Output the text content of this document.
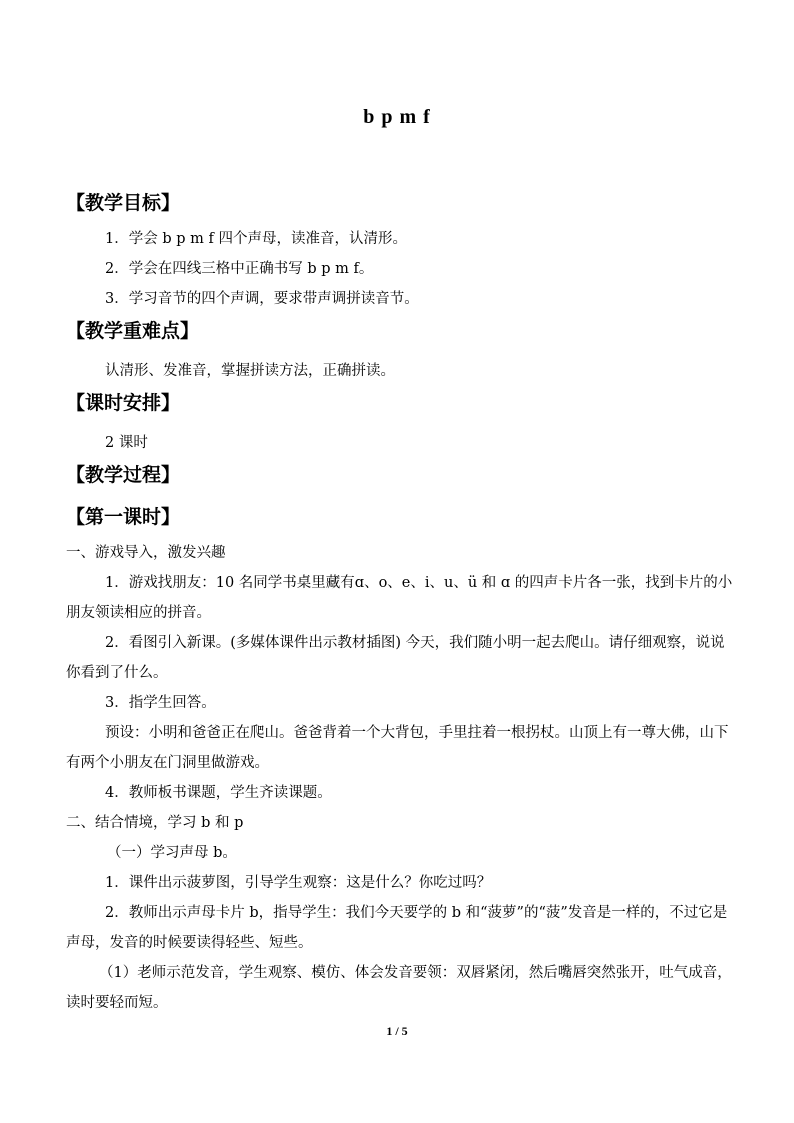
b p m f
【教学目标】
1．学会 b p m f 四个声母，读准音，认清形。
2．学会在四线三格中正确书写 b p m f。
3．学习音节的四个声调，要求带声调拼读音节。
【教学重难点】
认清形、发准音，掌握拼读方法，正确拼读。
【课时安排】
2 课时
【教学过程】
【第一课时】
一、游戏导入，激发兴趣
1．游戏找朋友：10 名同学书桌里藏有ɑ、o、e、i、u、ü 和 ɑ 的四声卡片各一张，找到卡片的小朋友领读相应的拼音。
2．看图引入新课。(多媒体课件出示教材插图) 今天，我们随小明一起去爬山。请仔细观察，说说你看到了什么。
3．指学生回答。
预设：小明和爸爸正在爬山。爸爸背着一个大背包，手里拄着一根拐杖。山顶上有一尊大佛，山下有两个小朋友在门洞里做游戏。
4．教师板书课题，学生齐读课题。
二、结合情境，学习 b 和 p
（一）学习声母 b。
1．课件出示菠萝图，引导学生观察：这是什么？你吃过吗？
2．教师出示声母卡片 b，指导学生：我们今天要学的 b 和“菠萝”的“菠”发音是一样的，不过它是声母，发音的时候要读得轻些、短些。
（1）老师示范发音，学生观察、模仿、体会发音要领：双唇紧闭，然后嘴唇突然张开，吐气成音，读时要轻而短。
1 / 5
